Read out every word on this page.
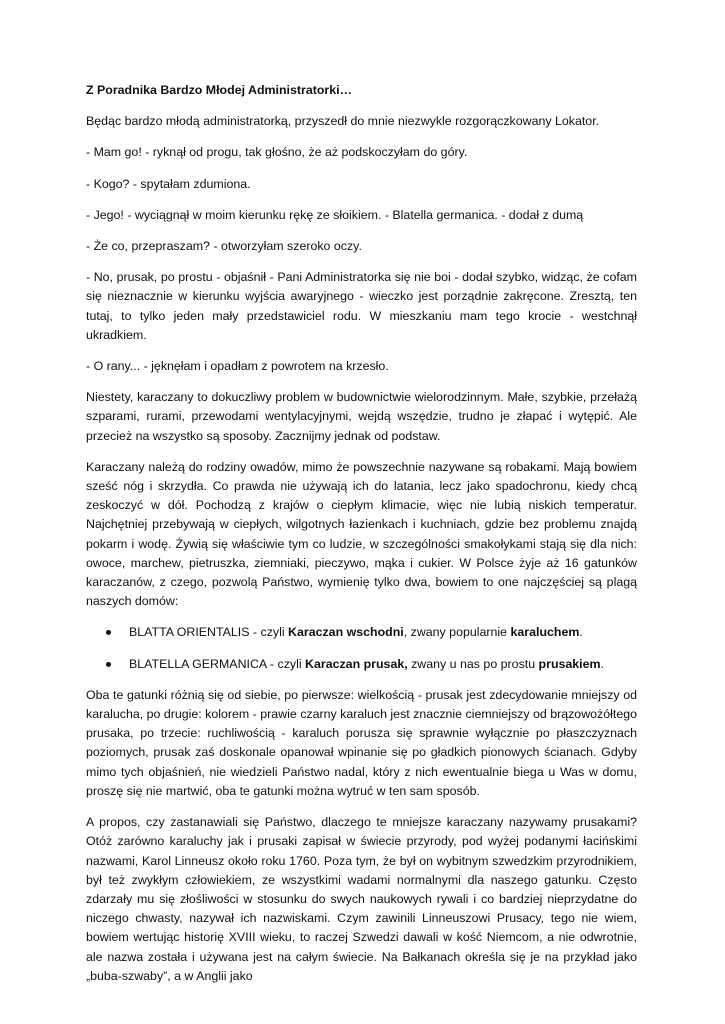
Z Poradnika Bardzo Młodej Administratorki…

Będąc bardzo młodą administratorką, przyszedł do mnie niezwykle rozgorączkowany Lokator.

- Mam go! - ryknął od progu, tak głośno, że aż podskoczyłam do góry.

- Kogo? - spytałam zdumiona.

- Jego! - wyciągnął w moim kierunku rękę ze słoikiem. - Blatella germanica. - dodał z dumą

- Że co, przepraszam? - otworzyłam szeroko oczy.

- No, prusak, po prostu - objaśnił - Pani Administratorka się nie boi - dodał szybko, widząc, że cofam się nieznacznie w kierunku wyjścia awaryjnego - wieczko jest porządnie zakręcone. Zresztą, ten tutaj, to tylko jeden mały przedstawiciel rodu. W mieszkaniu mam tego krocie - westchnął ukradkiem.

- O rany... - jęknęłam i opadłam z powrotem na krzesło.

Niestety, karaczany to dokuczliwy problem w budownictwie wielorodzinnym. Małe, szybkie, przełażą szparami, rurami, przewodami wentylacyjnymi, wejdą wszędzie, trudno je złapać i wytępić. Ale przecież na wszystko są sposoby. Zacznijmy jednak od podstaw.

Karaczany należą do rodziny owadów, mimo że powszechnie nazywane są robakami. Mają bowiem sześć nóg i skrzydła. Co prawda nie używają ich do latania, lecz jako spadochronu, kiedy chcą zeskoczyć w dół. Pochodzą z krajów o ciepłym klimacie, więc nie lubią niskich temperatur. Najchętniej przebywają w ciepłych, wilgotnych łazienkach i kuchniach, gdzie bez problemu znajdą pokarm i wodę. Żywią się właściwie tym co ludzie, w szczególności smakołykami stają się dla nich: owoce, marchew, pietruszka, ziemniaki, pieczywo, mąka i cukier. W Polsce żyje aż 16 gatunków karaczanów, z czego, pozwolą Państwo, wymienię tylko dwa, bowiem to one najczęściej są plagą naszych domów:

BLATTA ORIENTALIS - czyli Karaczan wschodni, zwany popularnie karaluchem.
BLATELLA GERMANICA - czyli Karaczan prusak, zwany u nas po prostu prusakiem.

Oba te gatunki różnią się od siebie, po pierwsze: wielkością - prusak jest zdecydowanie mniejszy od karalucha, po drugie: kolorem - prawie czarny karaluch jest znacznie ciemniejszy od brązowożółtego prusaka, po trzecie: ruchliwością - karaluch porusza się sprawnie wyłącznie po płaszczyznach poziomych, prusak zaś doskonale opanował wpinanie się po gładkich pionowych ścianach. Gdyby mimo tych objaśnień, nie wiedzieli Państwo nadal, który z nich ewentualnie biega u Was w domu, proszę się nie martwić, oba te gatunki można wytruć w ten sam sposób.

A propos, czy zastanawiali się Państwo, dlaczego te mniejsze karaczany nazywamy prusakami? Otóż zarówno karaluchy jak i prusaki zapisał w świecie przyrody, pod wyżej podanymi łacińskimi nazwami, Karol Linneusz około roku 1760. Poza tym, że był on wybitnym szwedzkim przyrodnikiem, był też zwykłym człowiekiem, ze wszystkimi wadami normalnymi dla naszego gatunku. Często zdarzały mu się złośliwości w stosunku do swych naukowych rywali i co bardziej nieprzydatne do niczego chwasty, nazywał ich nazwiskami. Czym zawinili Linneuszowi Prusacy, tego nie wiem, bowiem wertując historię XVIII wieku, to raczej Szwedzi dawali w kość Niemcom, a nie odwrotnie, ale nazwa została i używana jest na całym świecie. Na Bałkanach określa się je na przykład jako „buba-szwaby”, a w Anglii jako
